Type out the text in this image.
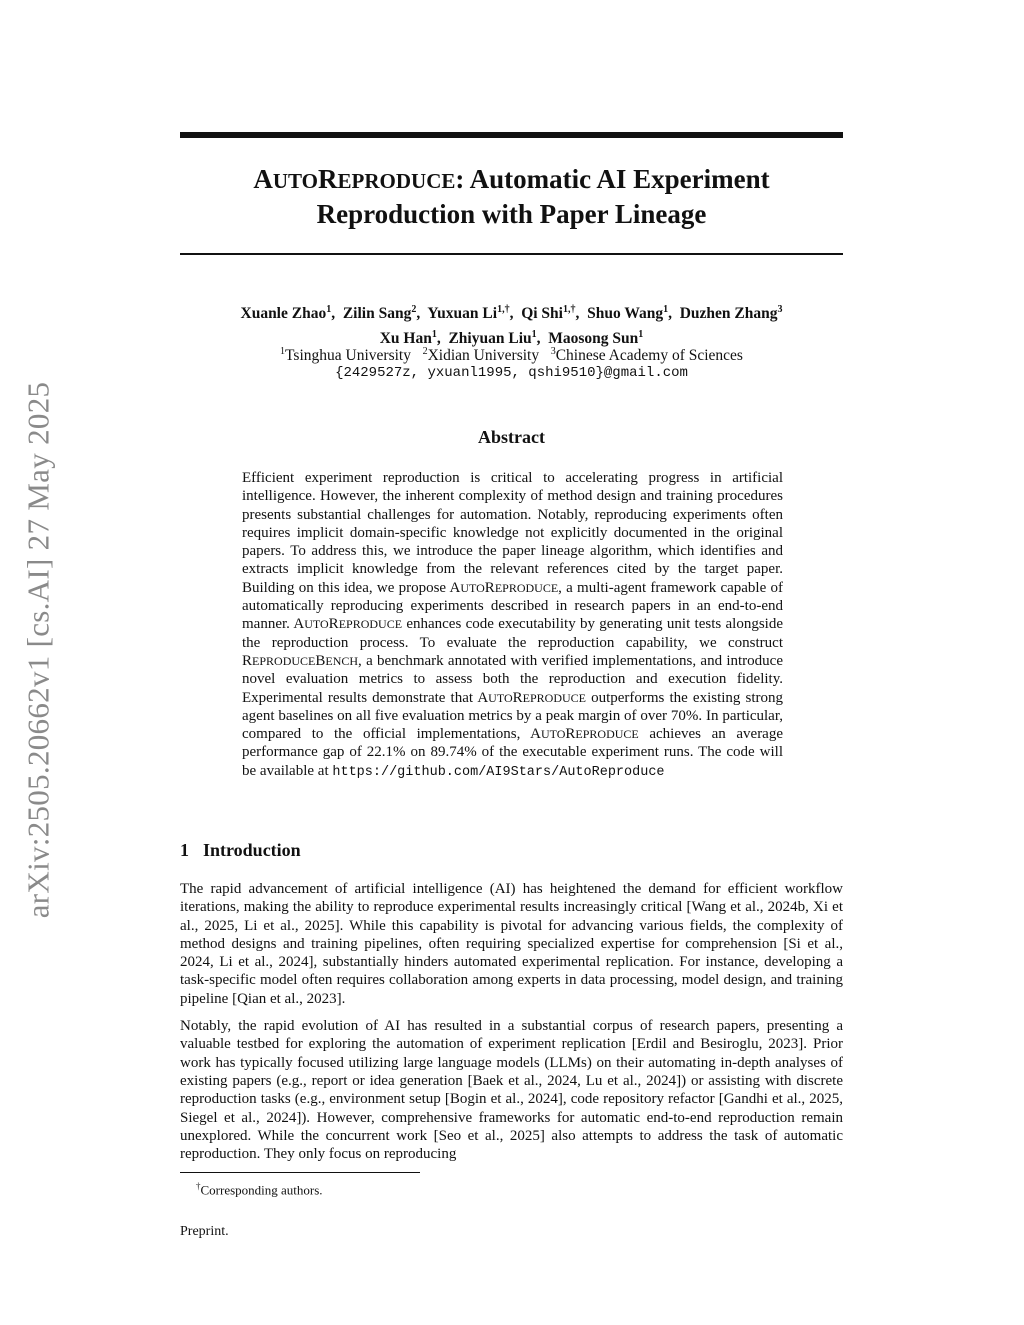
arXiv:2505.20662v1 [cs.AI] 27 May 2025
AUTOREPRODUCE: Automatic AI Experiment
Reproduction with Paper Lineage
Xuanle Zhao$^1$,  Zilin Sang$^2$,  Yuxuan $Li^{1,\dagger}$,  Qi Shi$^{1,\dagger}$,  Shuo Wang$^1$,  Duzhen Zhang$^3$
Xu Han$^1$,  Zhiyuan Liu$^1$,  Maosong Sun$^1$
$^1$Tsinghua University $^2$Xidian University $^3$Chinese Academy of Sciences
{2429527z, yxuanl1995, qshi9510}@gmail.com
Abstract
Efficient experiment reproduction is critical to accelerating progress in artificial intelligence. However, the inherent complexity of method design and training procedures presents substantial challenges for automation. Notably, reproducing experiments often requires implicit domain-specific knowledge not explicitly documented in the original papers. To address this, we introduce the paper lineage algorithm, which identifies and extracts implicit knowledge from the relevant references cited by the target paper. Building on this idea, we propose AUTOREPRODUCE, a multi-agent framework capable of automatically reproducing experiments described in research papers in an end-to-end manner. AUTOREPRODUCE enhances code executability by generating unit tests alongside the reproduction process. To evaluate the reproduction capability, we construct REPRODUCEBENCH, a benchmark annotated with verified implementations, and introduce novel evaluation metrics to assess both the reproduction and execution fidelity. Experimental results demonstrate that AUTOREPRODUCE outperforms the existing strong agent baselines on all five evaluation metrics by a peak margin of over 70%. In particular, compared to the official implementations, AUTOREPRODUCE achieves an average performance gap of 22.1% on 89.74% of the executable experiment runs. The code will be available at https://github.com/AI9Stars/AutoReproduce
1 Introduction

The rapid advancement of artificial intelligence (AI) has heightened the demand for efficient workflow iterations, making the ability to reproduce experimental results increasingly critical [Wang et al., 2024b, Xi et al., 2025, Li et al., 2025]. While this capability is pivotal for advancing various fields, the complexity of method designs and training pipelines, often requiring specialized expertise for comprehension [Si et al., 2024, Li et al., 2024], substantially hinders automated experimental replication. For instance, developing a task-specific model often requires collaboration among experts in data processing, model design, and training pipeline [Qian et al., 2023].

Notably, the rapid evolution of AI has resulted in a substantial corpus of research papers, presenting a valuable testbed for exploring the automation of experiment replication [Erdil and Besiroglu, 2023]. Prior work has typically focused utilizing large language models (LLMs) on their automating in-depth analyses of existing papers (e.g., report or idea generation [Baek et al., 2024, Lu et al., 2024]) or assisting with discrete reproduction tasks (e.g., environment setup [Bogin et al., 2024], code repository refactor [Gandhi et al., 2025, Siegel et al., 2024]). However, comprehensive frameworks for automatic end-to-end reproduction remain unexplored. While the concurrent work [Seo et al., 2025] also attempts to address the task of automatic reproduction. They only focus on reproducing

†Corresponding authors.
Preprint.
